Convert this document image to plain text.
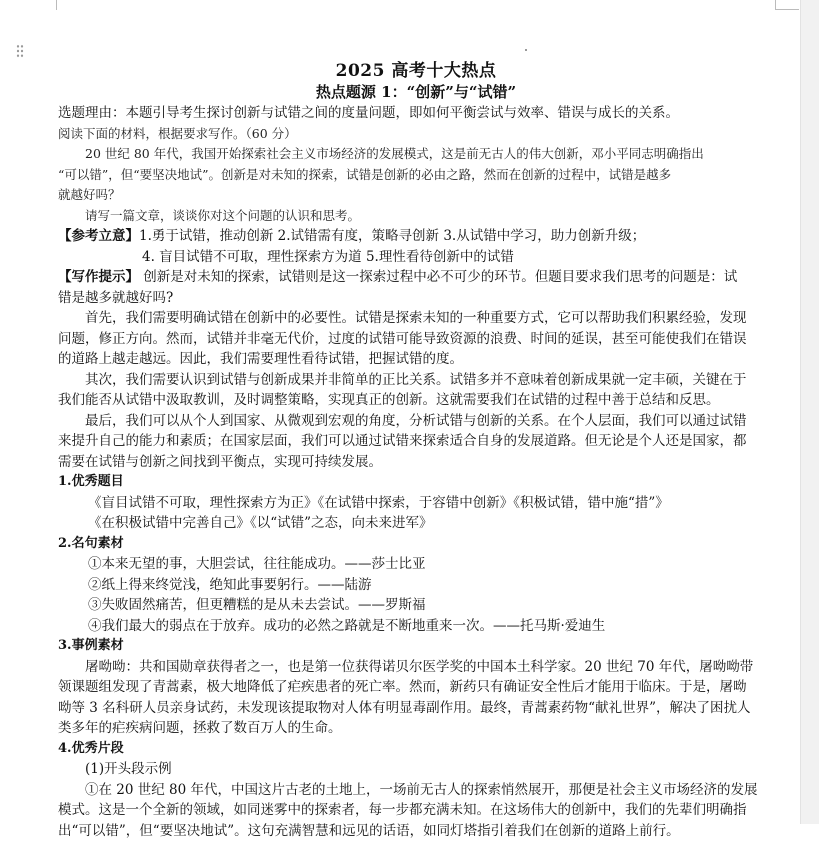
2025 高考十大热点
热点题源 1：“创新”与“试错”
选题理由：本题引导考生探讨创新与试错之间的度量问题，即如何平衡尝试与效率、错误与成长的关系。
阅读下面的材料，根据要求写作。（60 分）
20 世纪 80 年代，我国开始探索社会主义市场经济的发展模式，这是前无古人的伟大创新，邓小平同志明确指出
“可以错”，但“要坚决地试”。创新是对未知的探索，试错是创新的必由之路，然而在创新的过程中，试错是越多
就越好吗？
请写一篇文章，谈谈你对这个问题的认识和思考。
【参考立意】1.勇于试错，推动创新 2.试错需有度，策略寻创新 3.从试错中学习，助力创新升级；
4. 盲目试错不可取，理性探索方为道 5.理性看待创新中的试错
【写作提示】 创新是对未知的探索，试错则是这一探索过程中必不可少的环节。但题目要求我们思考的问题是：试
错是越多就越好吗?
首先，我们需要明确试错在创新中的必要性。试错是探索未知的一种重要方式，它可以帮助我们积累经验，发现
问题，修正方向。然而，试错并非毫无代价，过度的试错可能导致资源的浪费、时间的延误，甚至可能使我们在错误
的道路上越走越远。因此，我们需要理性看待试错，把握试错的度。
其次，我们需要认识到试错与创新成果并非简单的正比关系。试错多并不意味着创新成果就一定丰硕，关键在于
我们能否从试错中汲取教训，及时调整策略，实现真正的创新。这就需要我们在试错的过程中善于总结和反思。
最后，我们可以从个人到国家、从微观到宏观的角度，分析试错与创新的关系。在个人层面，我们可以通过试错
来提升自己的能力和素质；在国家层面，我们可以通过试错来探索适合自身的发展道路。但无论是个人还是国家，都
需要在试错与创新之间找到平衡点，实现可持续发展。
1.优秀题目
《盲目试错不可取，理性探索方为正》《在试错中探索，于容错中创新》《积极试错，错中施“措”》
《在积极试错中完善自己》《以“试错”之态，向未来进军》
2.名句素材
①本来无望的事，大胆尝试，往往能成功。——莎士比亚
②纸上得来终觉浅，绝知此事要躬行。——陆游
③失败固然痛苦，但更糟糕的是从未去尝试。——罗斯福
④我们最大的弱点在于放弃。成功的必然之路就是不断地重来一次。——托马斯·爱迪生
3.事例素材
屠呦呦：共和国勋章获得者之一，也是第一位获得诺贝尔医学奖的中国本土科学家。20 世纪 70 年代，屠呦呦带
领课题组发现了青蒿素，极大地降低了疟疾患者的死亡率。然而，新药只有确证安全性后才能用于临床。于是，屠呦
呦等 3 名科研人员亲身试药，未发现该提取物对人体有明显毒副作用。最终，青蒿素药物“献礼世界”，解决了困扰人
类多年的疟疾病问题，拯救了数百万人的生命。
4.优秀片段
(1)开头段示例
①在 20 世纪 80 年代，中国这片古老的土地上，一场前无古人的探索悄然展开，那便是社会主义市场经济的发展
模式。这是一个全新的领域，如同迷雾中的探索者，每一步都充满未知。在这场伟大的创新中，我们的先辈们明确指
出“可以错”，但“要坚决地试”。这句充满智慧和远见的话语，如同灯塔指引着我们在创新的道路上前行。
